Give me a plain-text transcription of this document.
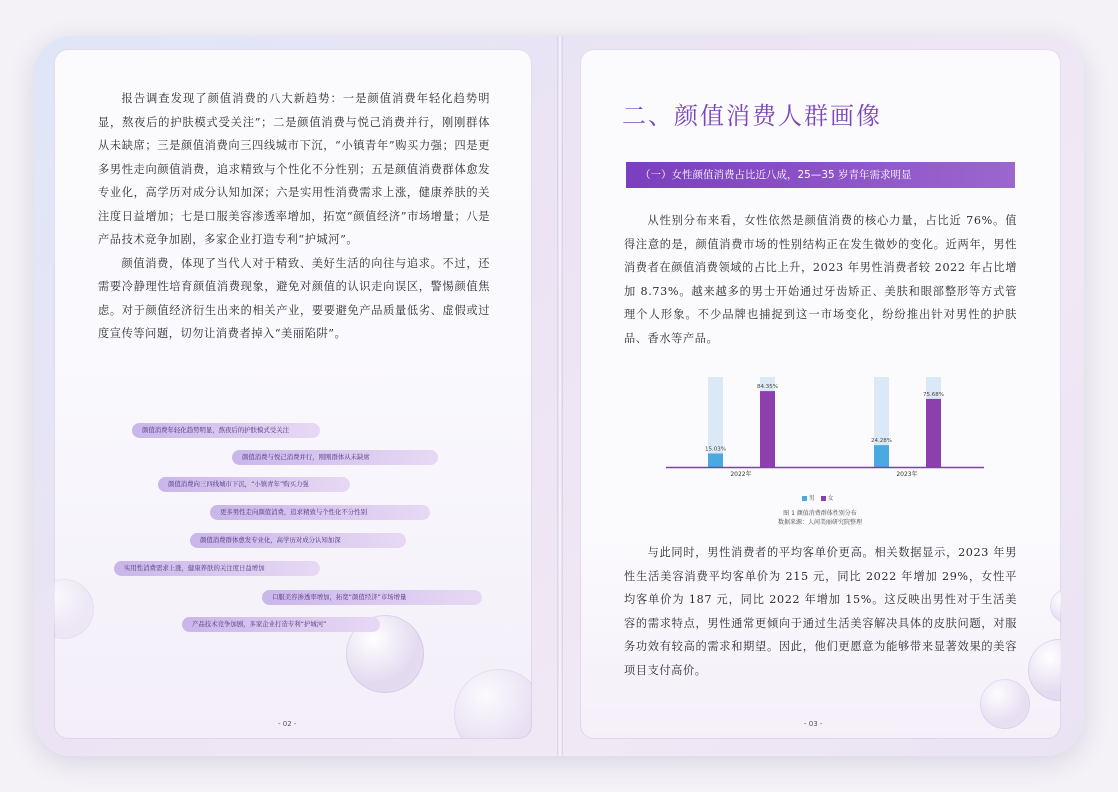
报告调查发现了颜值消费的八大新趋势：一是颜值消费年轻化趋势明显，熬夜后的护肤模式受关注”；二是颜值消费与悦己消费并行，刚刚群体从未缺席；三是颜值消费向三四线城市下沉，“小镇青年”购买力强；四是更多男性走向颜值消费，追求精致与个性化不分性别；五是颜值消费群体愈发专业化，高学历对成分认知加深；六是实用性消费需求上涨，健康养肤的关注度日益增加；七是口服美容渗透率增加，拓宽“颜值经济”市场增量；八是产品技术竞争加剧，多家企业打造专利“护城河”。

颜值消费，体现了当代人对于精致、美好生活的向往与追求。不过，还需要冷静理性培育颜值消费现象，避免对颜值的认识走向误区，警惕颜值焦虑。对于颜值经济衍生出来的相关产业，要要避免产品质量低劣、虚假或过度宣传等问题，切勿让消费者掉入“美丽陷阱”。

颜值消费年轻化趋势明显，熬夜后的护肤模式受关注
颜值消费与悦己消费并行，刚刚群体从未缺席
颜值消费向三四线城市下沉，“小镇青年”购买力强
更多男性走向颜值消费，追求精致与个性化不分性别
颜值消费群体愈发专业化，高学历对成分认知加深
实用性消费需求上涨，健康养肤的关注度日益增加
口服美容渗透率增加，拓宽“颜值经济”市场增量
产品技术竞争加剧，多家企业打造专利“护城河”
- 02 -
二、颜值消费人群画像
（一）女性颜值消费占比近八成，25—35 岁青年需求明显

从性别分布来看，女性依然是颜值消费的核心力量，占比近 76%。值得注意的是，颜值消费市场的性别结构正在发生微妙的变化。近两年，男性消费者在颜值消费领域的占比上升，2023 年男性消费者较 2022 年占比增加 8.73%。越来越多的男士开始通过牙齿矫正、美肤和眼部整形等方式管理个人形象。不少品牌也捕捉到这一市场变化，纷纷推出针对男性的护肤品、香水等产品。

15.03%
24.28%
84.35%
75.68%
2022年	2023年
男 女
图 1 颜值消费群体性别分布
数据来源：人间美丽研究院整理

与此同时，男性消费者的平均客单价更高。相关数据显示，2023 年男性生活美容消费平均客单价为 215 元，同比 2022 年增加 29%，女性平均客单价为 187 元，同比 2022 年增加 15%。这反映出男性对于生活美容的需求特点，男性通常更倾向于通过生活美容解决具体的皮肤问题，对服务功效有较高的需求和期望。因此，他们更愿意为能够带来显著效果的美容项目支付高价。

- 03 -
